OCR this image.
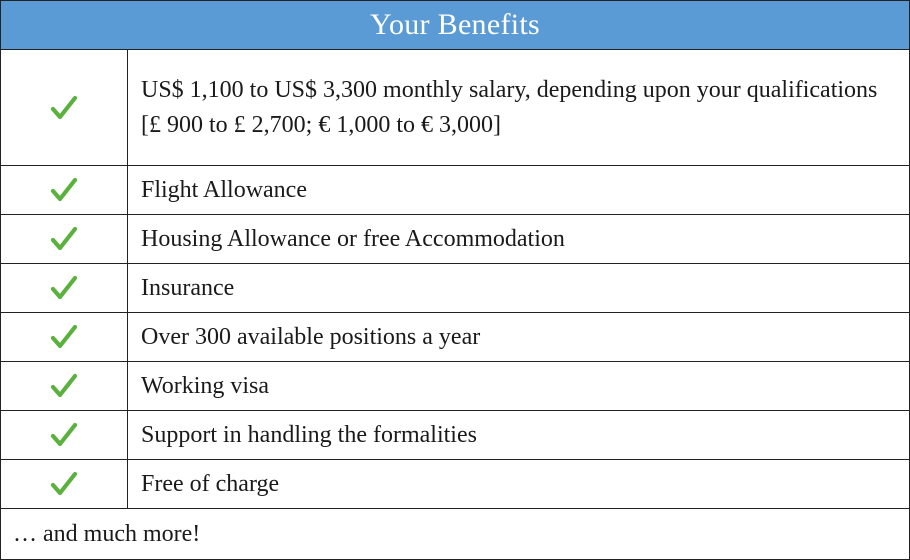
Your Benefits
US$ 1,100 to US$ 3,300 monthly salary, depending upon your qualifications
[£ 900 to £ 2,700; € 1,000 to € 3,000]
Flight Allowance
Housing Allowance or free Accommodation
Insurance
Over 300 available positions a year
Working visa
Support in handling the formalities
Free of charge
… and much more!
